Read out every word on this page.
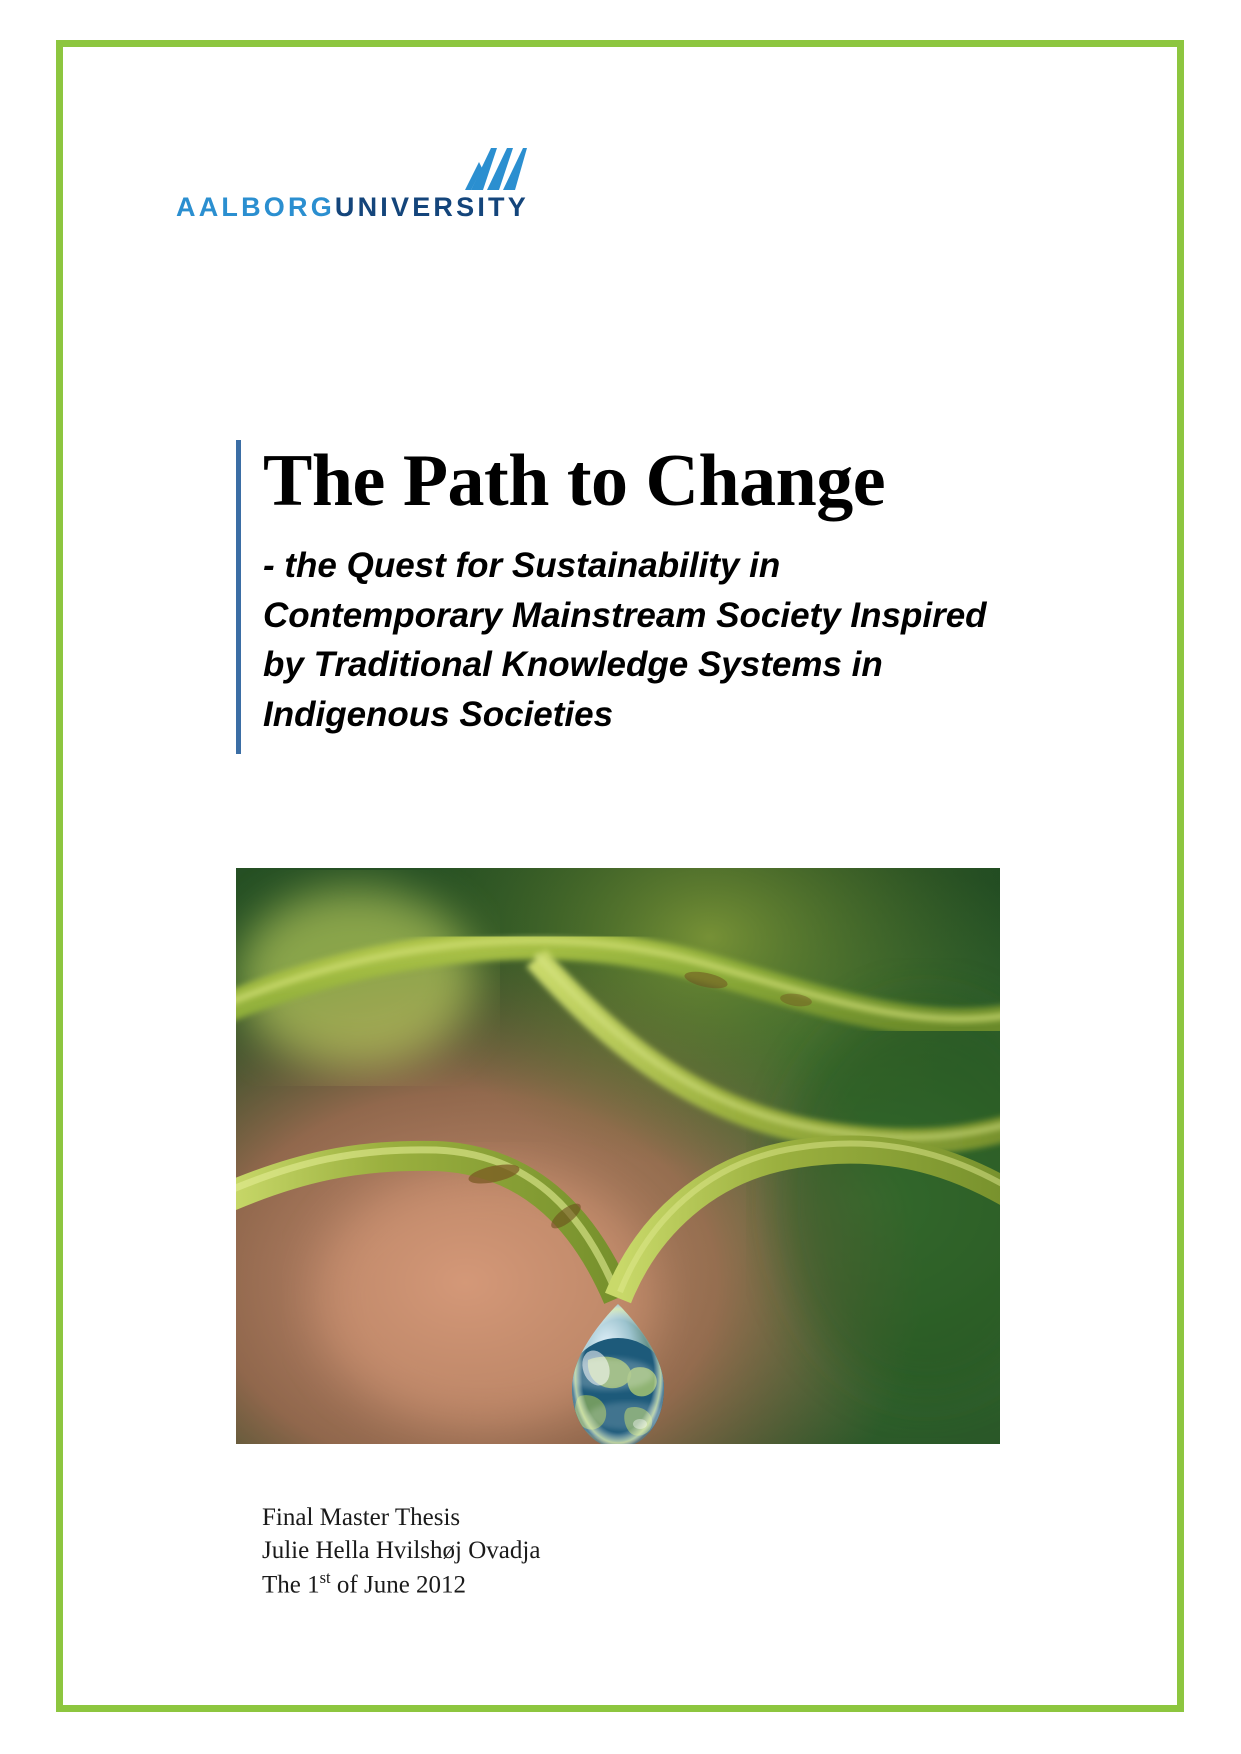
AALBORGUNIVERSITY
The Path to Change

- the Quest for Sustainability in Contemporary Mainstream Society Inspired by Traditional Knowledge Systems in Indigenous Societies

Final Master Thesis
Julie Hella Hvilshøj Ovadja
The 1st of June 2012
